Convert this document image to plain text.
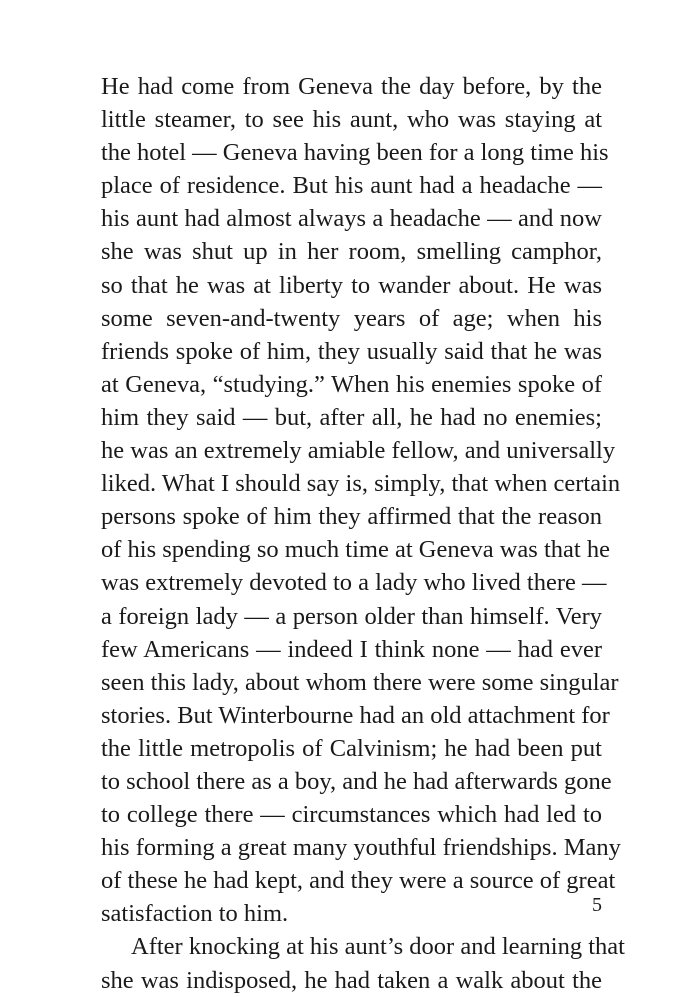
He had come from Geneva the day before, by the
little steamer, to see his aunt, who was staying at
the hotel — Geneva having been for a long time his
place of residence. But his aunt had a headache —
his aunt had almost always a headache — and now
she was shut up in her room, smelling camphor,
so that he was at liberty to wander about. He was
some seven-and-twenty years of age; when his
friends spoke of him, they usually said that he was
at Geneva, “studying.” When his enemies spoke of
him they said — but, after all, he had no enemies;
he was an extremely amiable fellow, and universally
liked. What I should say is, simply, that when certain
persons spoke of him they affirmed that the reason
of his spending so much time at Geneva was that he
was extremely devoted to a lady who lived there —
a foreign lady — a person older than himself. Very
few Americans — indeed I think none — had ever
seen this lady, about whom there were some singular
stories. But Winterbourne had an old attachment for
the little metropolis of Calvinism; he had been put
to school there as a boy, and he had afterwards gone
to college there — circumstances which had led to
his forming a great many youthful friendships. Many
of these he had kept, and they were a source of great
satisfaction to him.
After knocking at his aunt’s door and learning that
she was indisposed, he had taken a walk about the
5
